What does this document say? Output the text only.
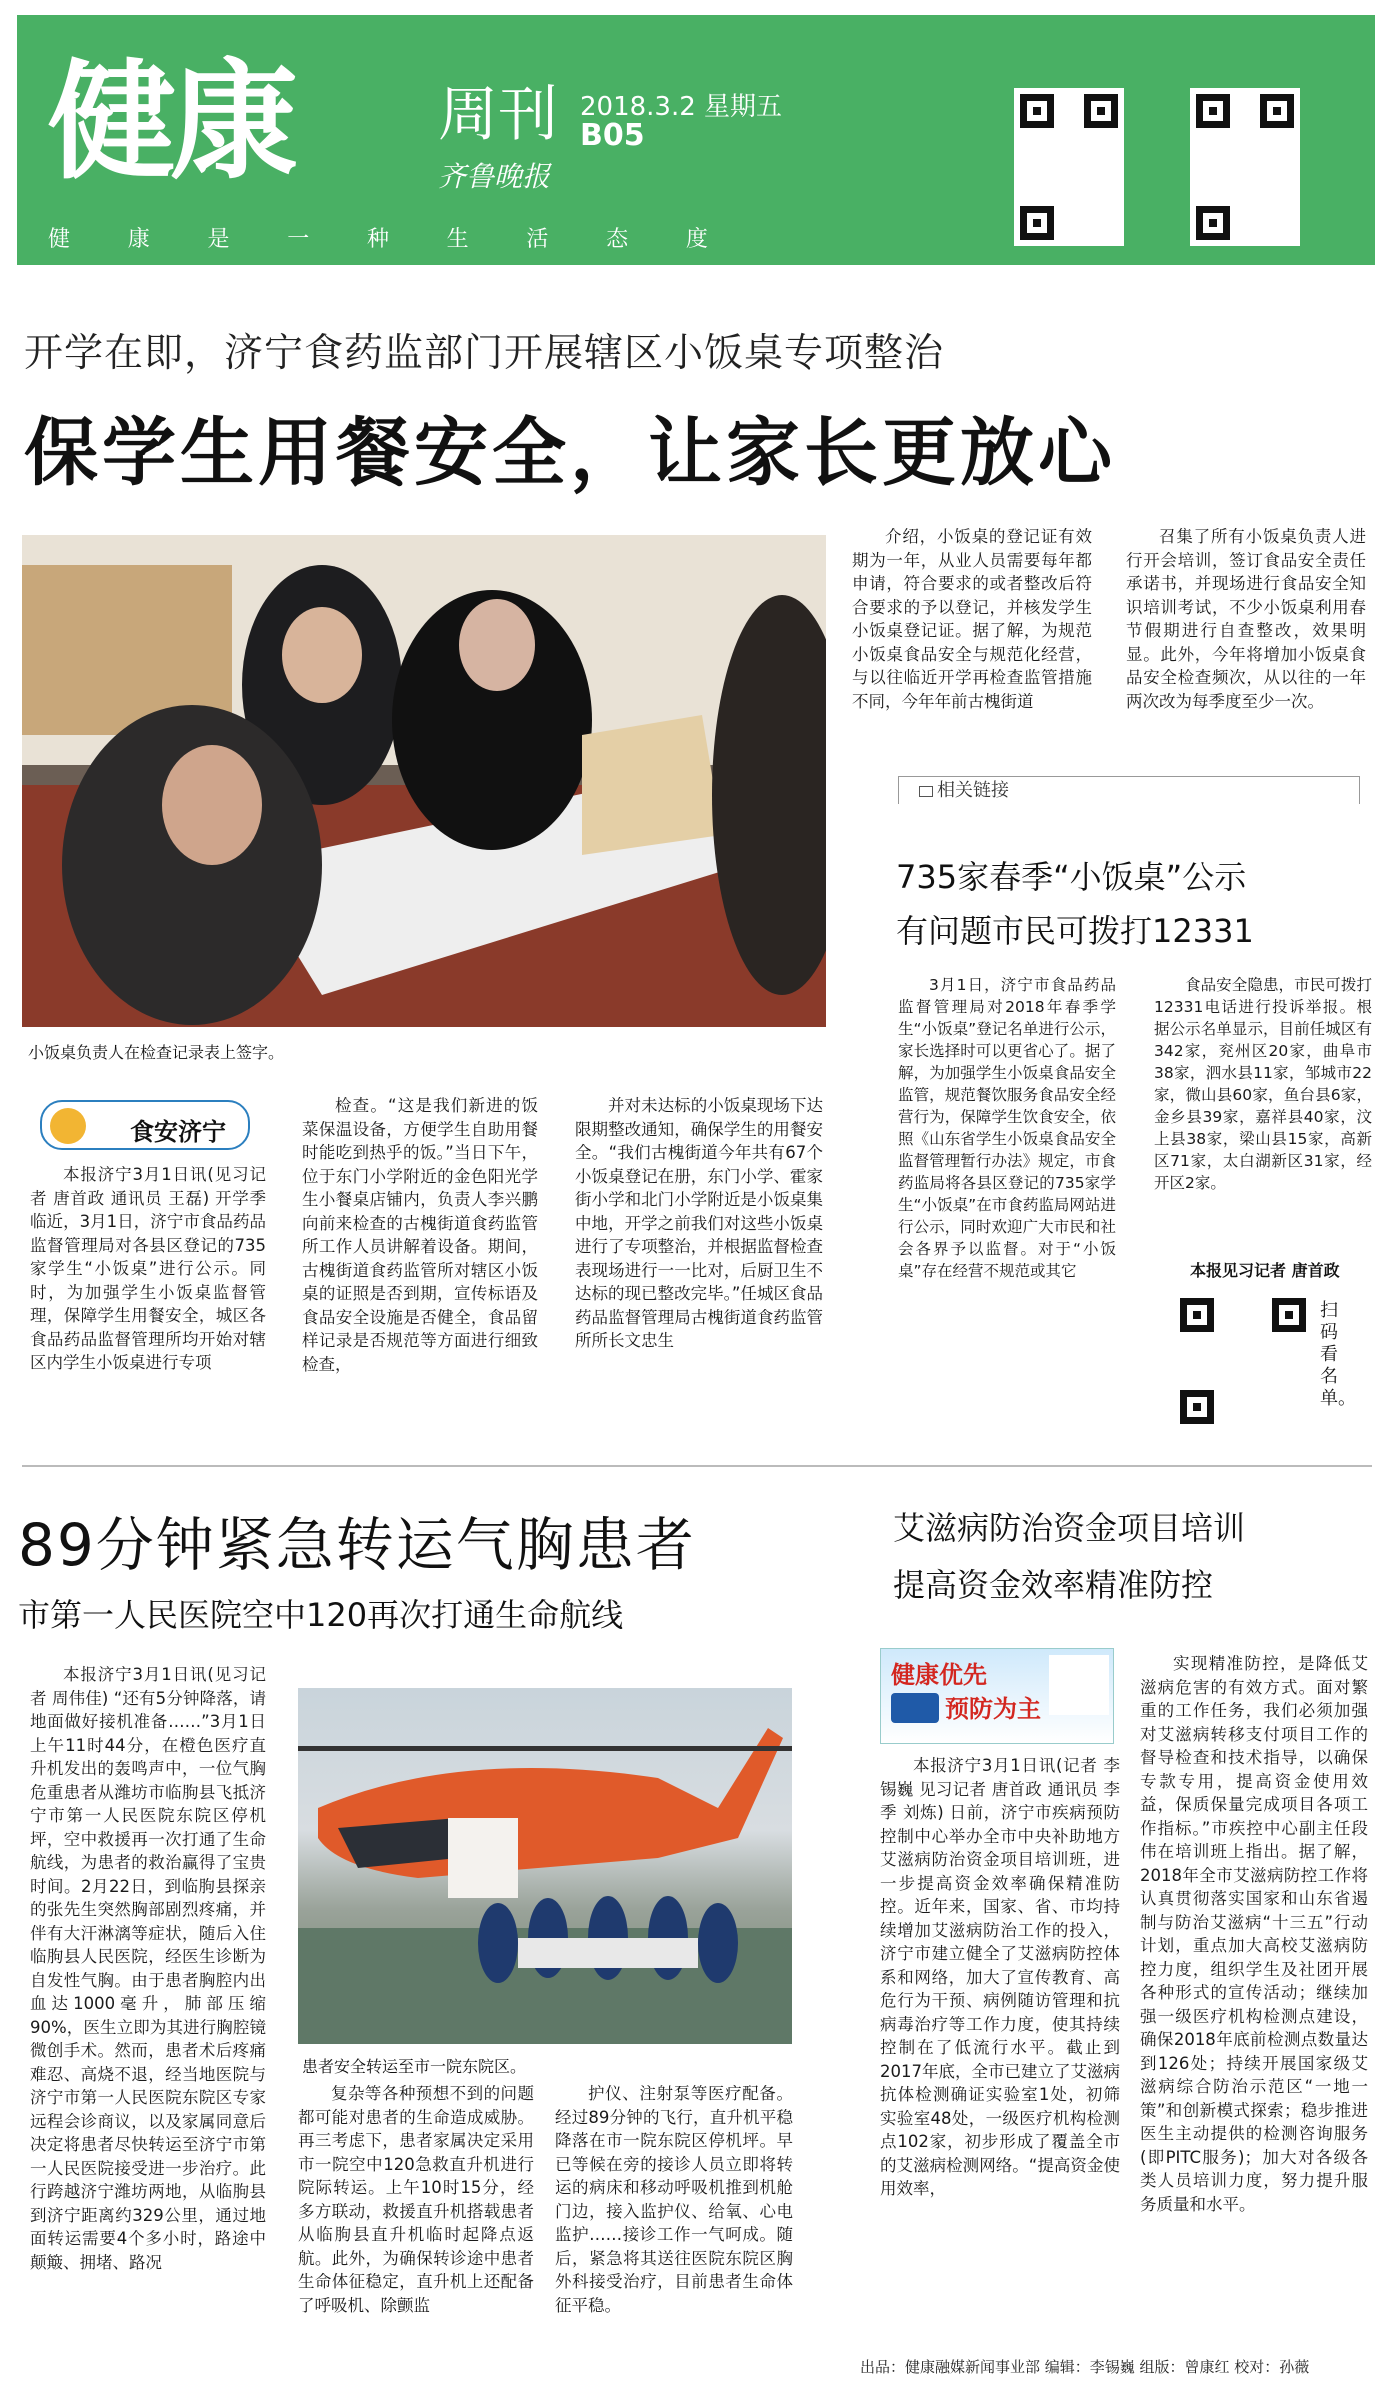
健康 周刊
齐鲁晚报
2018.3.2 星期五
B05
健	康	是	一	种	生	活	态	度
开学在即，济宁食药监部门开展辖区小饭桌专项整治
保学生用餐安全，让家长更放心
小饭桌负责人在检查记录表上签字。
食安济宁

本报济宁3月1日讯(见习记者 唐首政 通讯员 王磊) 开学季临近，3月1日，济宁市食品药品监督管理局对各县区登记的735家学生“小饭桌”进行公示。同时，为加强学生小饭桌监督管理，保障学生用餐安全，城区各食品药品监督管理所均开始对辖区内学生小饭桌进行专项

检查。“这是我们新进的饭菜保温设备，方便学生自助用餐时能吃到热乎的饭。”当日下午，位于东门小学附近的金色阳光学生小餐桌店铺内，负责人李兴鹏向前来检查的古槐街道食药监管所工作人员讲解着设备。期间，古槐街道食药监管所对辖区小饭桌的证照是否到期，宣传标语及食品安全设施是否健全，食品留样记录是否规范等方面进行细致检查，

并对未达标的小饭桌现场下达限期整改通知，确保学生的用餐安全。“我们古槐街道今年共有67个小饭桌登记在册，东门小学、霍家街小学和北门小学附近是小饭桌集中地，开学之前我们对这些小饭桌进行了专项整治，并根据监督检查表现场进行一一比对，后厨卫生不达标的现已整改完毕。”任城区食品药品监督管理局古槐街道食药监管所所长文忠生

介绍，小饭桌的登记证有效期为一年，从业人员需要每年都申请，符合要求的或者整改后符合要求的予以登记，并核发学生小饭桌登记证。据了解，为规范小饭桌食品安全与规范化经营，与以往临近开学再检查监管措施不同，今年年前古槐街道

召集了所有小饭桌负责人进行开会培训，签订食品安全责任承诺书，并现场进行食品安全知识培训考试，不少小饭桌利用春节假期进行自查整改，效果明显。此外，今年将增加小饭桌食品安全检查频次，从以往的一年两次改为每季度至少一次。

相关链接
735家春季“小饭桌”公示
有问题市民可拨打12331

3月1日，济宁市食品药品监督管理局对2018年春季学生“小饭桌”登记名单进行公示，家长选择时可以更省心了。据了解，为加强学生小饭桌食品安全监管，规范餐饮服务食品安全经营行为，保障学生饮食安全，依照《山东省学生小饭桌食品安全监督管理暂行办法》规定，市食药监局将各县区登记的735家学生“小饭桌”在市食药监局网站进行公示，同时欢迎广大市民和社会各界予以监督。对于“小饭桌”存在经营不规范或其它

食品安全隐患，市民可拨打12331电话进行投诉举报。根据公示名单显示，目前任城区有342家，兖州区20家，曲阜市38家，泗水县11家，邹城市22家，微山县60家，鱼台县6家，金乡县39家，嘉祥县40家，汶上县38家，梁山县15家，高新区71家，太白湖新区31家，经开区2家。

本报见习记者 唐首政
扫码看名单。
89分钟紧急转运气胸患者
市第一人民医院空中120再次打通生命航线

本报济宁3月1日讯(见习记者 周伟佳) “还有5分钟降落，请地面做好接机准备……”3月1日上午11时44分，在橙色医疗直升机发出的轰鸣声中，一位气胸危重患者从潍坊市临朐县飞抵济宁市第一人民医院东院区停机坪，空中救援再一次打通了生命航线，为患者的救治赢得了宝贵时间。2月22日，到临朐县探亲的张先生突然胸部剧烈疼痛，并伴有大汗淋漓等症状，随后入住临朐县人民医院，经医生诊断为自发性气胸。由于患者胸腔内出血达1000毫升，肺部压缩90%，医生立即为其进行胸腔镜微创手术。然而，患者术后疼痛难忍、高烧不退，经当地医院与济宁市第一人民医院东院区专家远程会诊商议，以及家属同意后决定将患者尽快转运至济宁市第一人民医院接受进一步治疗。此行跨越济宁潍坊两地，从临朐县到济宁距离约329公里，通过地面转运需要4个多小时，路途中颠簸、拥堵、路况

患者安全转运至市一院东院区。

复杂等各种预想不到的问题都可能对患者的生命造成威胁。再三考虑下，患者家属决定采用市一院空中120急救直升机进行院际转运。上午10时15分，经多方联动，救援直升机搭载患者从临朐县直升机临时起降点返航。此外，为确保转诊途中患者生命体征稳定，直升机上还配备了呼吸机、除颤监

护仪、注射泵等医疗配备。经过89分钟的飞行，直升机平稳降落在市一院东院区停机坪。早已等候在旁的接诊人员立即将转运的病床和移动呼吸机推到机舱门边，接入监护仪、给氧、心电监护……接诊工作一气呵成。随后，紧急将其送往医院东院区胸外科接受治疗，目前患者生命体征平稳。

艾滋病防治资金项目培训
提高资金效率精准防控
健康优先
预防为主

本报济宁3月1日讯(记者 李锡巍 见习记者 唐首政 通讯员 李季 刘炼) 日前，济宁市疾病预防控制中心举办全市中央补助地方艾滋病防治资金项目培训班，进一步提高资金效率确保精准防控。近年来，国家、省、市均持续增加艾滋病防治工作的投入，济宁市建立健全了艾滋病防控体系和网络，加大了宣传教育、高危行为干预、病例随访管理和抗病毒治疗等工作力度，使其持续控制在了低流行水平。截止到2017年底，全市已建立了艾滋病抗体检测确证实验室1处，初筛实验室48处，一级医疗机构检测点102家，初步形成了覆盖全市的艾滋病检测网络。“提高资金使用效率，

实现精准防控，是降低艾滋病危害的有效方式。面对繁重的工作任务，我们必须加强对艾滋病转移支付项目工作的督导检查和技术指导，以确保专款专用，提高资金使用效益，保质保量完成项目各项工作指标。”市疾控中心副主任段伟在培训班上指出。据了解，2018年全市艾滋病防控工作将认真贯彻落实国家和山东省遏制与防治艾滋病“十三五”行动计划，重点加大高校艾滋病防控力度，组织学生及社团开展各种形式的宣传活动；继续加强一级医疗机构检测点建设，确保2018年底前检测点数量达到126处；持续开展国家级艾滋病综合防治示范区“一地一策”和创新模式探索；稳步推进医生主动提供的检测咨询服务(即PITC服务)；加大对各级各类人员培训力度，努力提升服务质量和水平。

出品：健康融媒新闻事业部 编辑：李锡巍 组版：曾康红 校对：孙薇
